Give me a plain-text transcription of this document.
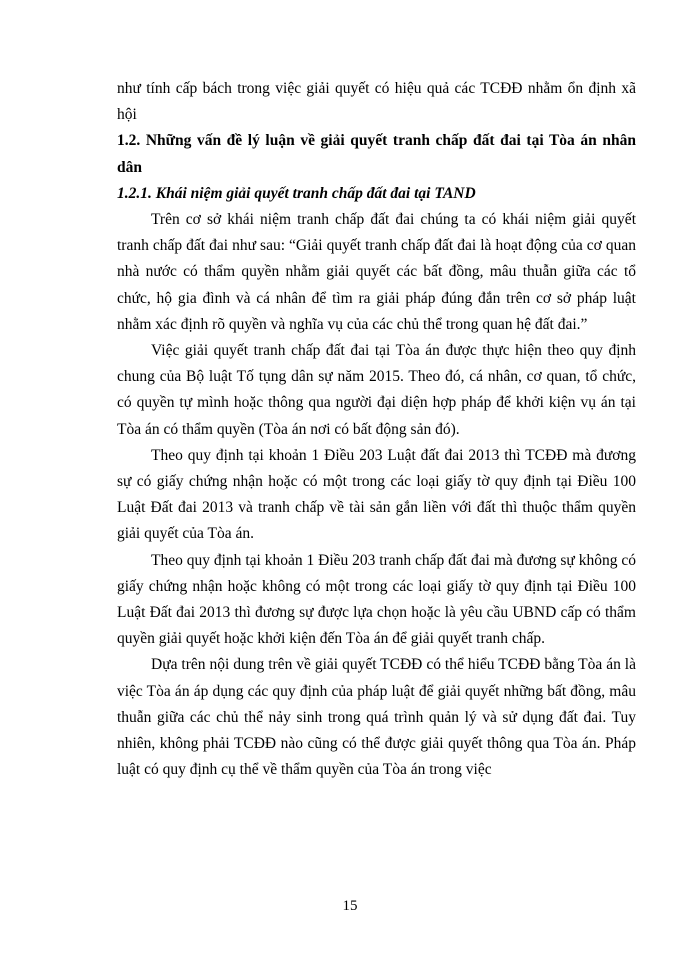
như tính cấp bách trong việc giải quyết có hiệu quả các TCĐĐ nhằm ổn định xã hội

1.2. Những vấn đề lý luận về giải quyết tranh chấp đất đai tại Tòa án nhân dân

1.2.1. Khái niệm giải quyết tranh chấp đất đai tại TAND

Trên cơ sở khái niệm tranh chấp đất đai chúng ta có khái niệm giải quyết tranh chấp đất đai như sau: “Giải quyết tranh chấp đất đai là hoạt động của cơ quan nhà nước có thẩm quyền nhằm giải quyết các bất đồng, mâu thuẫn giữa các tổ chức, hộ gia đình và cá nhân để tìm ra giải pháp đúng đắn trên cơ sở pháp luật nhằm xác định rõ quyền và nghĩa vụ của các chủ thể trong quan hệ đất đai.”

Việc giải quyết tranh chấp đất đai tại Tòa án được thực hiện theo quy định chung của Bộ luật Tố tụng dân sự năm 2015. Theo đó, cá nhân, cơ quan, tổ chức, có quyền tự mình hoặc thông qua người đại diện hợp pháp để khởi kiện vụ án tại Tòa án có thẩm quyền (Tòa án nơi có bất động sản đó).

Theo quy định tại khoản 1 Điều 203 Luật đất đai 2013 thì TCĐĐ mà đương sự có giấy chứng nhận hoặc có một trong các loại giấy tờ quy định tại Điều 100 Luật Đất đai 2013 và tranh chấp về tài sản gắn liền với đất thì thuộc thẩm quyền giải quyết của Tòa án.

Theo quy định tại khoản 1 Điều 203 tranh chấp đất đai mà đương sự không có giấy chứng nhận hoặc không có một trong các loại giấy tờ quy định tại Điều 100 Luật Đất đai 2013 thì đương sự được lựa chọn hoặc là yêu cầu UBND cấp có thẩm quyền giải quyết hoặc khởi kiện đến Tòa án để giải quyết tranh chấp.

Dựa trên nội dung trên về giải quyết TCĐĐ có thể hiểu TCĐĐ bằng Tòa án là việc Tòa án áp dụng các quy định của pháp luật để giải quyết những bất đồng, mâu thuẫn giữa các chủ thể nảy sinh trong quá trình quản lý và sử dụng đất đai. Tuy nhiên, không phải TCĐĐ nào cũng có thể được giải quyết thông qua Tòa án. Pháp luật có quy định cụ thể về thẩm quyền của Tòa án trong việc

15
